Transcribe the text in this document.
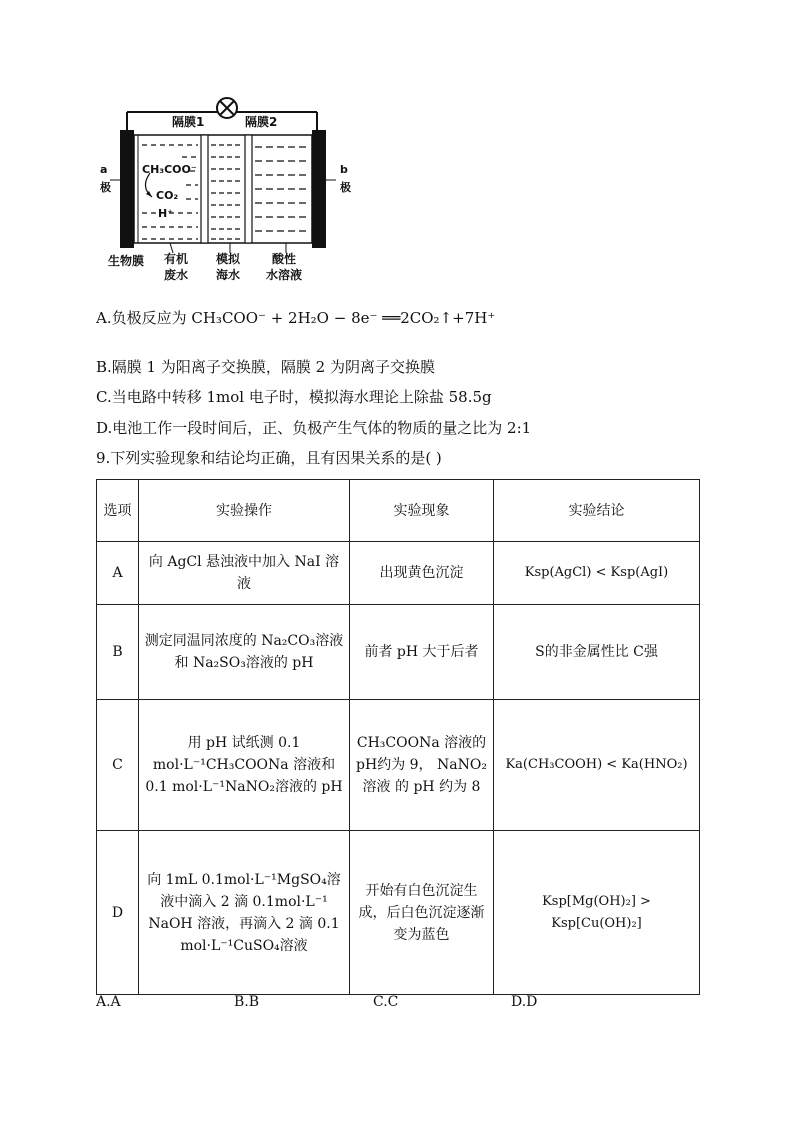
隔膜1	隔膜2
a
极
b
极
CH₃COO⁻
CO₂
H⁺
生物膜 有机
废水
模拟
海水
酸性
水溶液
A.负极反应为 CH₃COO⁻ + 2H₂O − 8e⁻ ══2CO₂↑+7H⁺
B.隔膜 1 为阳离子交换膜，隔膜 2 为阴离子交换膜
C.当电路中转移 1mol 电子时，模拟海水理论上除盐 58.5g
D.电池工作一段时间后，正、负极产生气体的物质的量之比为 2:1
9.下列实验现象和结论均正确，且有因果关系的是( )
选项	实验操作	实验现象	实验结论
A	向 AgCl 悬浊液中加入 NaI 溶液	出现黄色沉淀	Ksp(AgCl) < Ksp(AgI)
B	测定同温同浓度的 Na₂CO₃溶液和 Na₂SO₃溶液的 pH	前者 pH 大于后者	S的非金属性比 C强
C	用 pH 试纸测 0.1 mol·L⁻¹CH₃COONa 溶液和 0.1 mol·L⁻¹NaNO₂溶液的 pH	CH₃COONa 溶液的 pH约为 9， NaNO₂ 溶液 的 pH 约为 8	Ka(CH₃COOH) < Ka(HNO₂)
D	向 1mL 0.1mol·L⁻¹MgSO₄溶液中滴入 2 滴 0.1mol·L⁻¹ NaOH 溶液，再滴入 2 滴 0.1 mol·L⁻¹CuSO₄溶液	开始有白色沉淀生成，后白色沉淀逐渐变为蓝色	Ksp[Mg(OH)₂] > Ksp[Cu(OH)₂]
A.A	B.B	C.C	D.D
